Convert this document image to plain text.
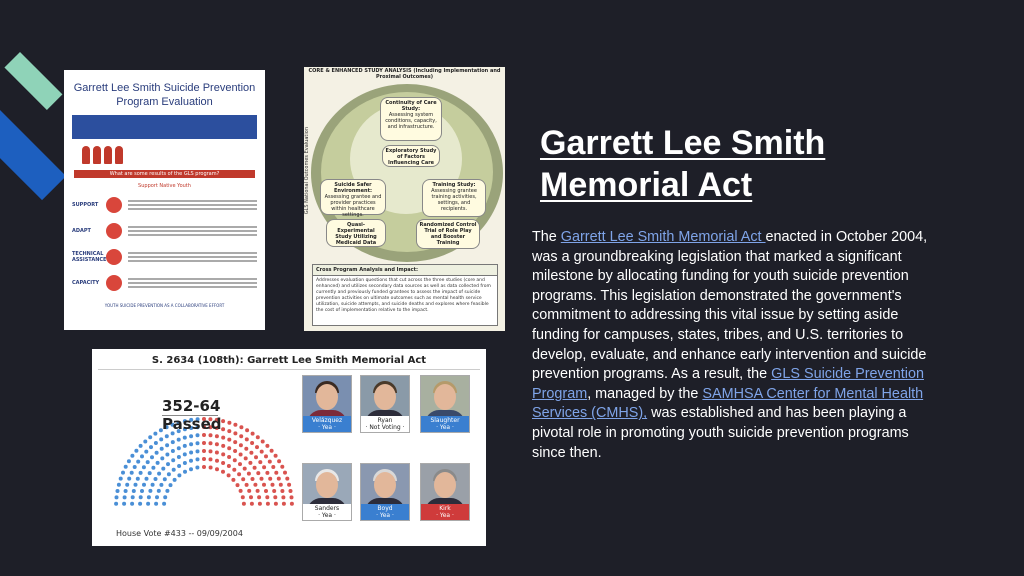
Garrett Lee Smith Suicide Prevention Program Evaluation
What are some results of the GLS program?
Support Native Youth
SUPPORT
ADAPT
TECHNICAL ASSISTANCE
CAPACITY
YOUTH SUICIDE PREVENTION AS A COLLABORATIVE EFFORT
CORE & ENHANCED STUDY ANALYSIS (Including Implementation and Proximal Outcomes)
GLS National Outcomes Evaluation
Continuity of Care Study:
Assessing system conditions, capacity, and infrastructure.
Exploratory Study of Factors Influencing Care
Suicide Safer Environment:
Assessing grantee and provider practices within healthcare settings.
Training Study:
Assessing grantee training activities, settings, and recipients.
Quasi-Experimental Study Utilizing Medicaid Data
Randomized Control Trial of Role Play and Booster Training
Cross Program Analysis and Impact:
Addresses evaluation questions that cut across the three studies (core and enhanced) and utilizes secondary data sources as well as data collected from currently and previously funded grantees to assess the impact of suicide prevention activities on ultimate outcomes such as mental health service utilization, suicide attempts, and suicide deaths and explores where feasible the cost of implementation relative to the impact.
S. 2634 (108th): Garrett Lee Smith Memorial Act
352-64
Passed
House Vote #433 -- 09/09/2004
Velázquez
· Yea ·
Ryan
· Not Voting ·
Slaughter
· Yea ·
Sanders
· Yea ·
Boyd
· Yea ·
Kirk
· Yea ·
Garrett Lee Smith Memorial Act
The Garrett Lee Smith Memorial Act enacted in October 2004, was a groundbreaking legislation that marked a significant milestone by allocating funding for youth suicide prevention programs. This legislation demonstrated the government's commitment to addressing this vital issue by setting aside funding for campuses, states, tribes, and U.S. territories to develop, evaluate, and enhance early intervention and suicide prevention programs. As a result, the GLS Suicide Prevention Program, managed by the SAMHSA Center for Mental Health Services (CMHS), was established and has been playing a pivotal role in promoting youth suicide prevention programs since then.
